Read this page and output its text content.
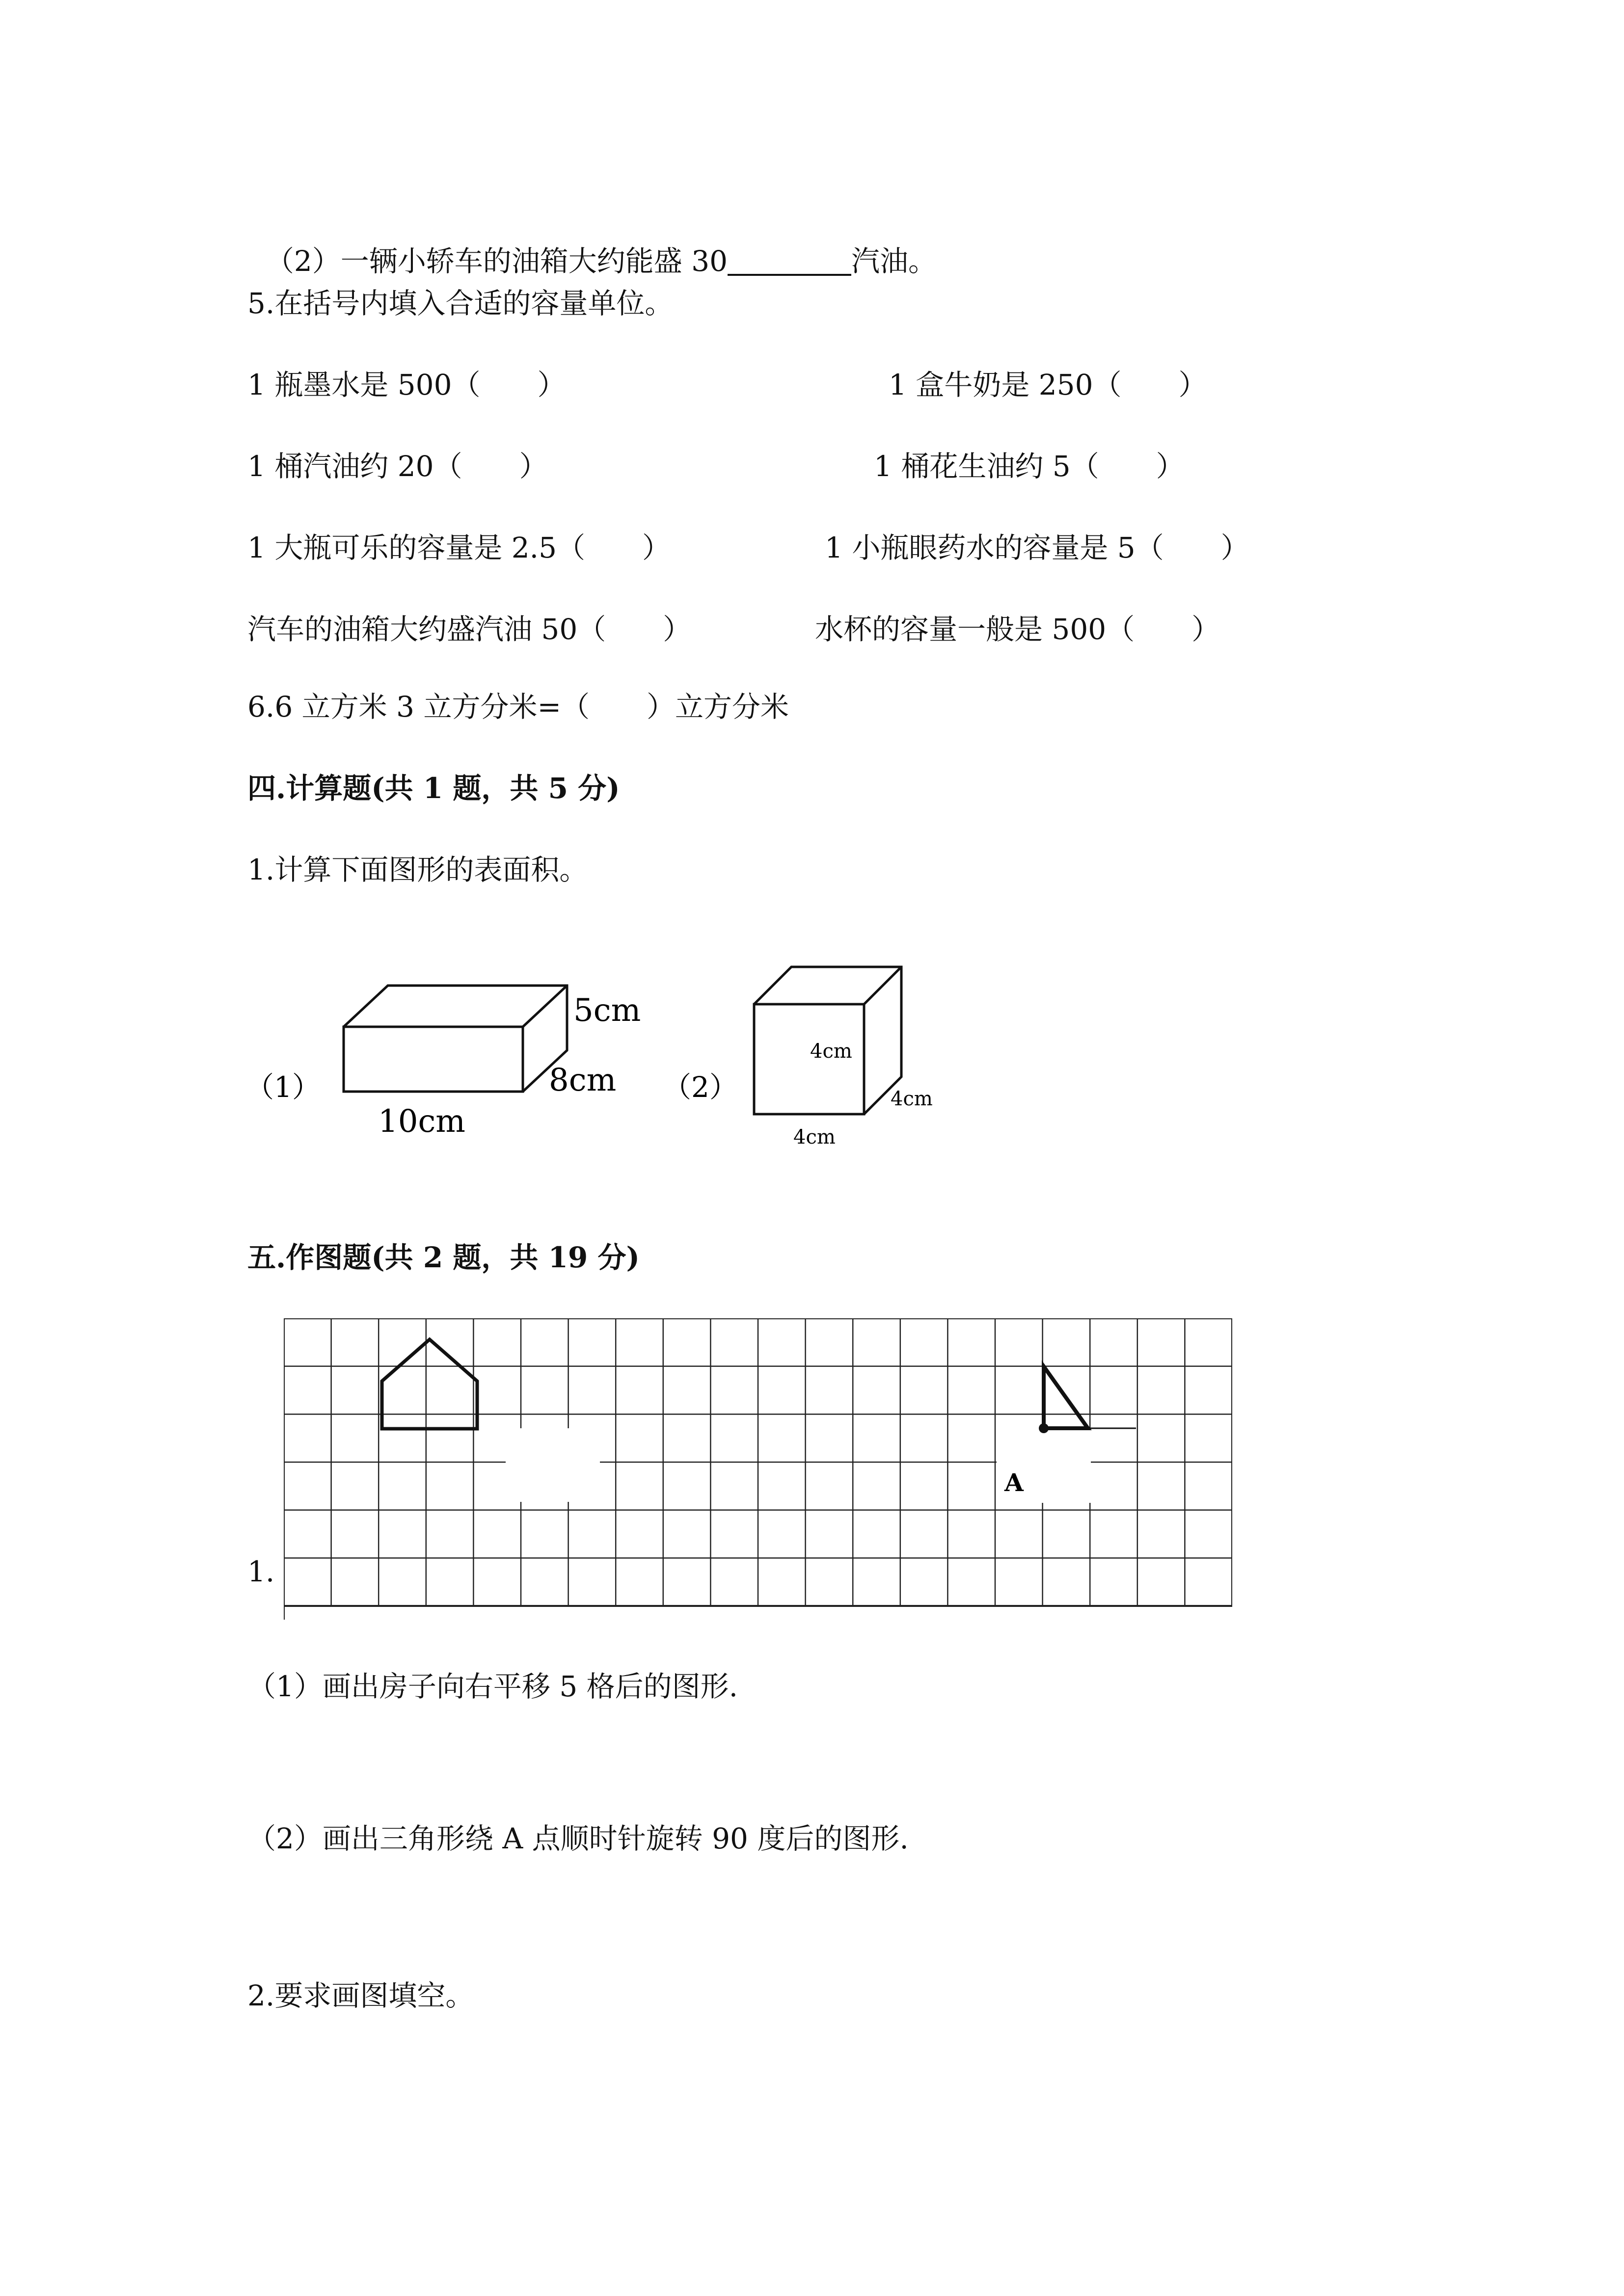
（2）一辆小轿车的油箱大约能盛 30	汽油。

5.在括号内填入合适的容量单位。
1 瓶墨水是 500（　　）	1 盒牛奶是 250（　　）
1 桶汽油约 20（　　）	1 桶花生油约 5（　　）
1 大瓶可乐的容量是 2.5（　　）	1 小瓶眼药水的容量是 5（　　）
汽车的油箱大约盛汽油 50（　　）	水杯的容量一般是 500（　　）
6.6 立方米 3 立方分米=（　　）立方分米
四.计算题(共 1 题，共 5 分)
1.计算下面图形的表面积。
（1）
5cm
8cm
10cm
（2）
4cm
4cm
4cm
五.作图题(共 2 题，共 19 分)
1.
A
（1）画出房子向右平移 5 格后的图形.
（2）画出三角形绕 A 点顺时针旋转 90 度后的图形.
2.要求画图填空。
